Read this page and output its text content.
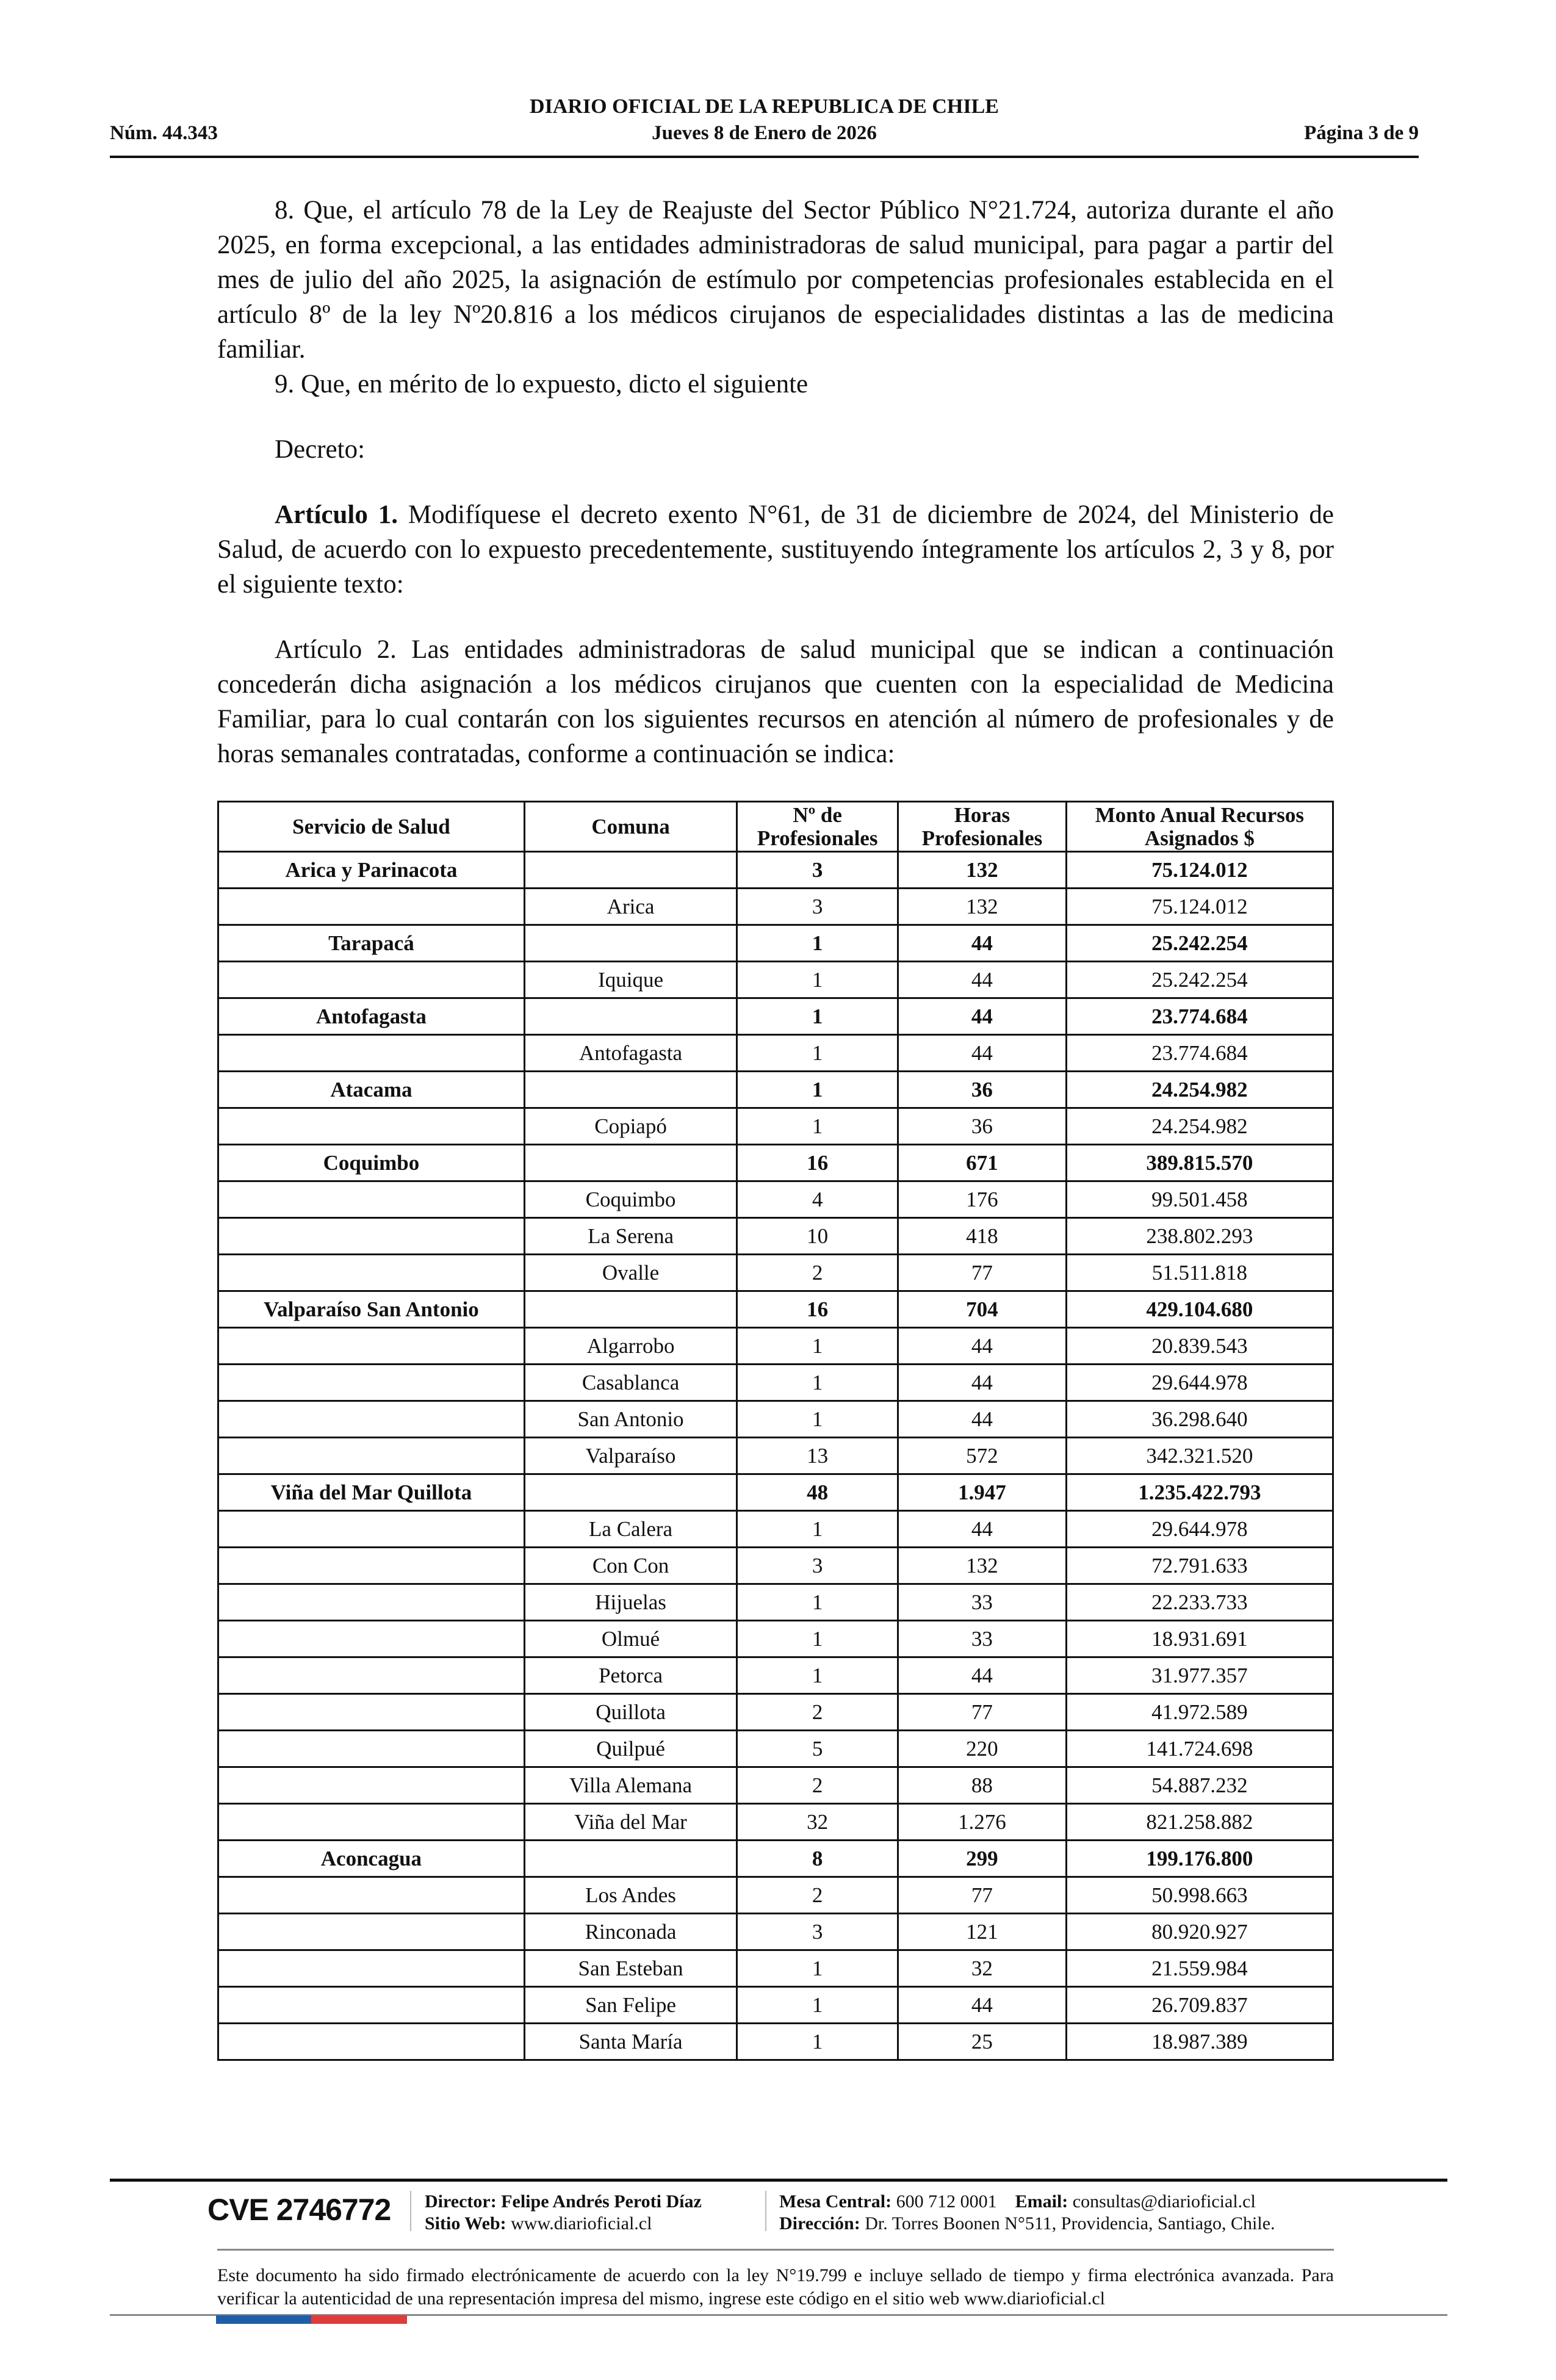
DIARIO OFICIAL DE LA REPUBLICA DE CHILE
Núm. 44.343	Jueves 8 de Enero de 2026	Página 3 de 9

8. Que, el artículo 78 de la Ley de Reajuste del Sector Público N°21.724, autoriza durante el año 2025, en forma excepcional, a las entidades administradoras de salud municipal, para pagar a partir del mes de julio del año 2025, la asignación de estímulo por competencias profesionales establecida en el artículo 8º de la ley Nº20.816 a los médicos cirujanos de especialidades distintas a las de medicina familiar.

9. Que, en mérito de lo expuesto, dicto el siguiente

Decreto:

Artículo 1. Modifíquese el decreto exento N°61, de 31 de diciembre de 2024, del Ministerio de Salud, de acuerdo con lo expuesto precedentemente, sustituyendo íntegramente los artículos 2, 3 y 8, por el siguiente texto:

Artículo 2. Las entidades administradoras de salud municipal que se indican a continuación concederán dicha asignación a los médicos cirujanos que cuenten con la especialidad de Medicina Familiar, para lo cual contarán con los siguientes recursos en atención al número de profesionales y de horas semanales contratadas, conforme a continuación se indica:

Servicio de Salud	Comuna	Nº de Profesionales	Horas Profesionales	Monto Anual Recursos Asignados $
Arica y Parinacota		3	132	75.124.012
	Arica	3	132	75.124.012
Tarapacá		1	44	25.242.254
	Iquique	1	44	25.242.254
Antofagasta		1	44	23.774.684
	Antofagasta	1	44	23.774.684
Atacama		1	36	24.254.982
	Copiapó	1	36	24.254.982
Coquimbo		16	671	389.815.570
	Coquimbo	4	176	99.501.458
	La Serena	10	418	238.802.293
	Ovalle	2	77	51.511.818
Valparaíso San Antonio		16	704	429.104.680
	Algarrobo	1	44	20.839.543
	Casablanca	1	44	29.644.978
	San Antonio	1	44	36.298.640
	Valparaíso	13	572	342.321.520
Viña del Mar Quillota		48	1.947	1.235.422.793
	La Calera	1	44	29.644.978
	Con Con	3	132	72.791.633
	Hijuelas	1	33	22.233.733
	Olmué	1	33	18.931.691
	Petorca	1	44	31.977.357
	Quillota	2	77	41.972.589
	Quilpué	5	220	141.724.698
	Villa Alemana	2	88	54.887.232
	Viña del Mar	32	1.276	821.258.882
Aconcagua		8	299	199.176.800
	Los Andes	2	77	50.998.663
	Rinconada	3	121	80.920.927
	San Esteban	1	32	21.559.984
	San Felipe	1	44	26.709.837
	Santa María	1	25	18.987.389
CVE 2746772 Director: Felipe Andrés Peroti Díaz
Sitio Web: www.diarioficial.cl
Mesa Central: 600 712 0001 Email: consultas@diarioficial.cl
Dirección: Dr. Torres Boonen N°511, Providencia, Santiago, Chile.
Este documento ha sido firmado electrónicamente de acuerdo con la ley N°19.799 e incluye sellado de tiempo y firma electrónica avanzada. Para verificar la autenticidad de una representación impresa del mismo, ingrese este código en el sitio web www.diarioficial.cl
